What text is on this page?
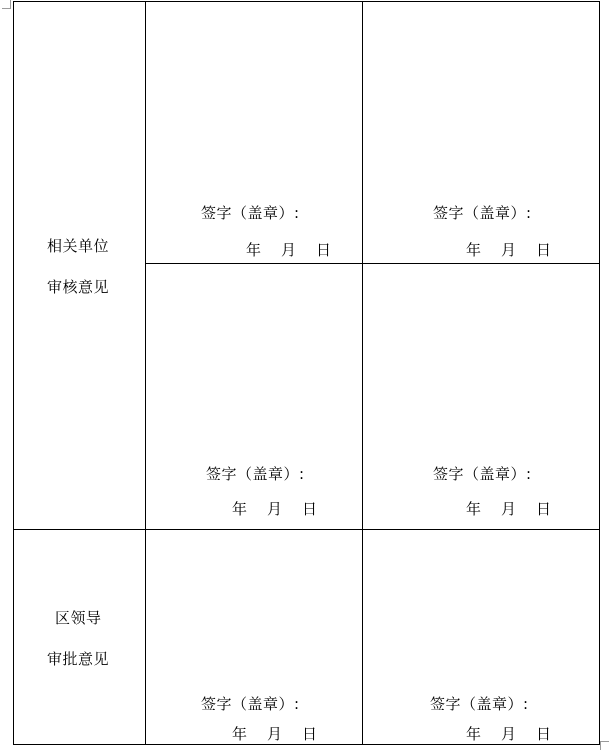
相关单位
审核意见
区领导
审批意见
签字（盖章）:
年 月 日
签字（盖章）:
年 月 日
签字（盖章）:
年 月 日
签字（盖章）:
年 月 日
签字（盖章）:
年 月 日
签字（盖章）:
年 月 日
